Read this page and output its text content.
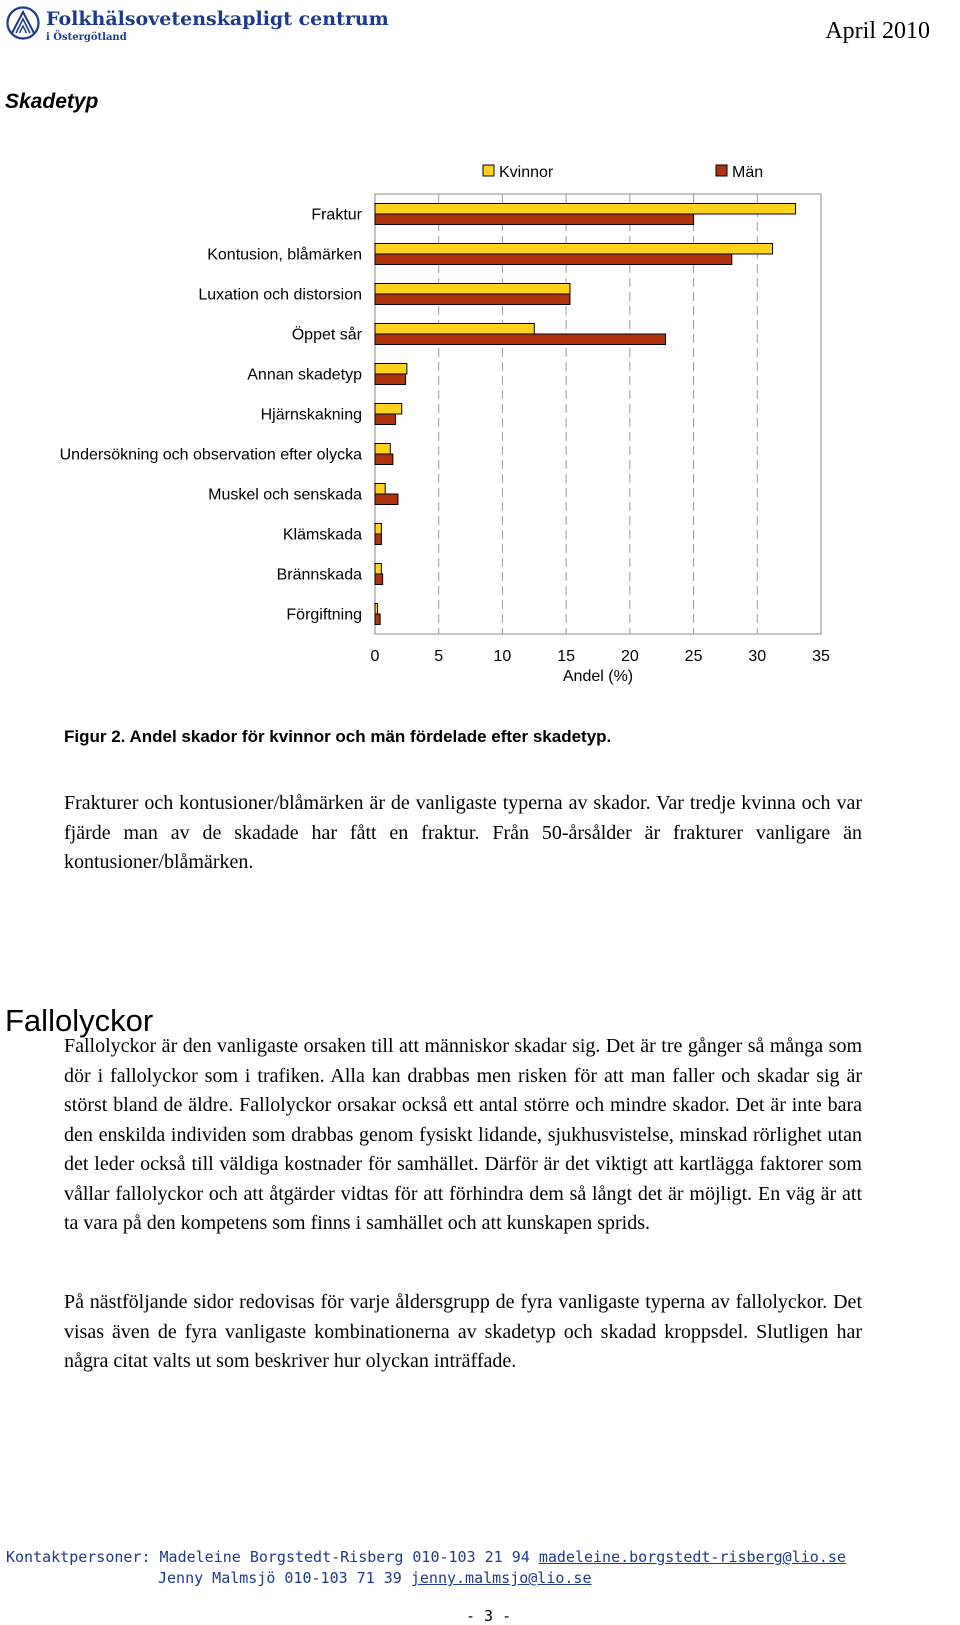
Folkhälsovetenskapligt centrum
i Östergötland	April 2010
Skadetyp
Kvinnor	Män
Fraktur
Kontusion, blåmärken
Luxation och distorsion
Öppet sår
Annan skadetyp
Hjärnskakning
Undersökning och observation efter olycka
Muskel och senskada
Klämskada
Brännskada
Förgiftning
0	5	10	15	20	25	30	35
Andel (%)
Figur 2. Andel skador för kvinnor och män fördelade efter skadetyp.

Frakturer och kontusioner/blåmärken är de vanligaste typerna av skador. Var tredje kvinna och var fjärde man av de skadade har fått en fraktur. Från 50-årsålder är frakturer vanligare än kontusioner/blåmärken.

Fallolyckor

Fallolyckor är den vanligaste orsaken till att människor skadar sig. Det är tre gånger så många som dör i fallolyckor som i trafiken. Alla kan drabbas men risken för att man faller och skadar sig är störst bland de äldre. Fallolyckor orsakar också ett antal större och mindre skador. Det är inte bara den enskilda individen som drabbas genom fysiskt lidande, sjukhusvistelse, minskad rörlighet utan det leder också till väldiga kostnader för samhället. Därför är det viktigt att kartlägga faktorer som vållar fallolyckor och att åtgärder vidtas för att förhindra dem så långt det är möjligt. En väg är att ta vara på den kompetens som finns i samhället och att kunskapen sprids.

På nästföljande sidor redovisas för varje åldersgrupp de fyra vanligaste typerna av fallolyckor. Det visas även de fyra vanligaste kombinationerna av skadetyp och skadad kroppsdel. Slutligen har några citat valts ut som beskriver hur olyckan inträffade.

Kontaktpersoner: Madeleine Borgstedt-Risberg 010-103 21 94 madeleine.borgstedt-risberg@lio.se
Jenny Malmsjö 010-103 71 39 jenny.malmsjo@lio.se
- 3 -
